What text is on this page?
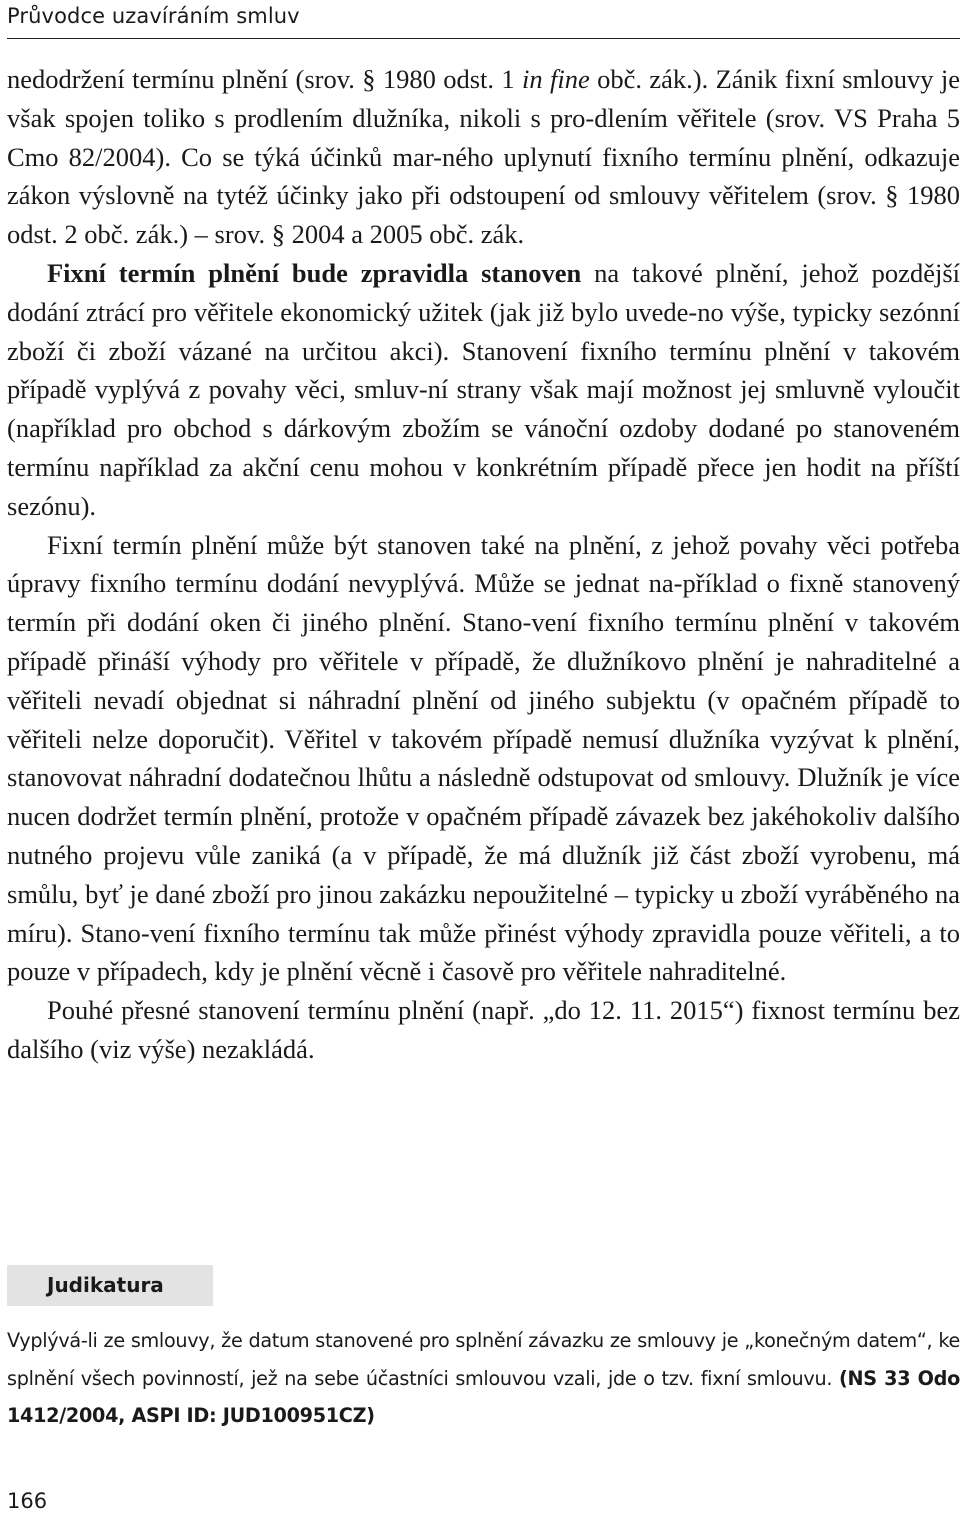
Průvodce uzavíráním smluv

nedodržení termínu plnění (srov. § 1980 odst. 1 in fine obč. zák.). Zánik fixní smlouvy je však spojen toliko s prodlením dlužníka, nikoli s pro-dlením věřitele (srov. VS Praha 5 Cmo 82/2004). Co se týká účinků mar-ného uplynutí fixního termínu plnění, odkazuje zákon výslovně na tytéž účinky jako při odstoupení od smlouvy věřitelem (srov. § 1980 odst. 2 obč. zák.) – srov. § 2004 a 2005 obč. zák.

Fixní termín plnění bude zpravidla stanoven na takové plnění, jehož pozdější dodání ztrácí pro věřitele ekonomický užitek (jak již bylo uvede-no výše, typicky sezónní zboží či zboží vázané na určitou akci). Stanovení fixního termínu plnění v takovém případě vyplývá z povahy věci, smluv-ní strany však mají možnost jej smluvně vyloučit (například pro obchod s dárkovým zbožím se vánoční ozdoby dodané po stanoveném termínu například za akční cenu mohou v konkrétním případě přece jen hodit na příští sezónu).

Fixní termín plnění může být stanoven také na plnění, z jehož povahy věci potřeba úpravy fixního termínu dodání nevyplývá. Může se jednat na-příklad o fixně stanovený termín při dodání oken či jiného plnění. Stano-vení fixního termínu plnění v takovém případě přináší výhody pro věřitele v případě, že dlužníkovo plnění je nahraditelné a věřiteli nevadí objednat si náhradní plnění od jiného subjektu (v opačném případě to věřiteli nelze doporučit). Věřitel v takovém případě nemusí dlužníka vyzývat k plnění, stanovovat náhradní dodatečnou lhůtu a následně odstupovat od smlouvy. Dlužník je více nucen dodržet termín plnění, protože v opačném případě závazek bez jakéhokoliv dalšího nutného projevu vůle zaniká (a v případě, že má dlužník již část zboží vyrobenu, má smůlu, byť je dané zboží pro jinou zakázku nepoužitelné – typicky u zboží vyráběného na míru). Stano-vení fixního termínu tak může přinést výhody zpravidla pouze věřiteli, a to pouze v případech, kdy je plnění věcně i časově pro věřitele nahraditelné.

Pouhé přesné stanovení termínu plnění (např. „do 12. 11. 2015“) fixnost termínu bez dalšího (viz výše) nezakládá.

Judikatura
Vyplývá-li ze smlouvy, že datum stanovené pro splnění závazku ze smlouvy je „konečným datem“, ke splnění všech povinností, jež na sebe účastníci smlouvou vzali, jde o tzv. fixní smlouvu. (NS 33 Odo 1412/2004, ASPI ID: JUD100951CZ)
166
